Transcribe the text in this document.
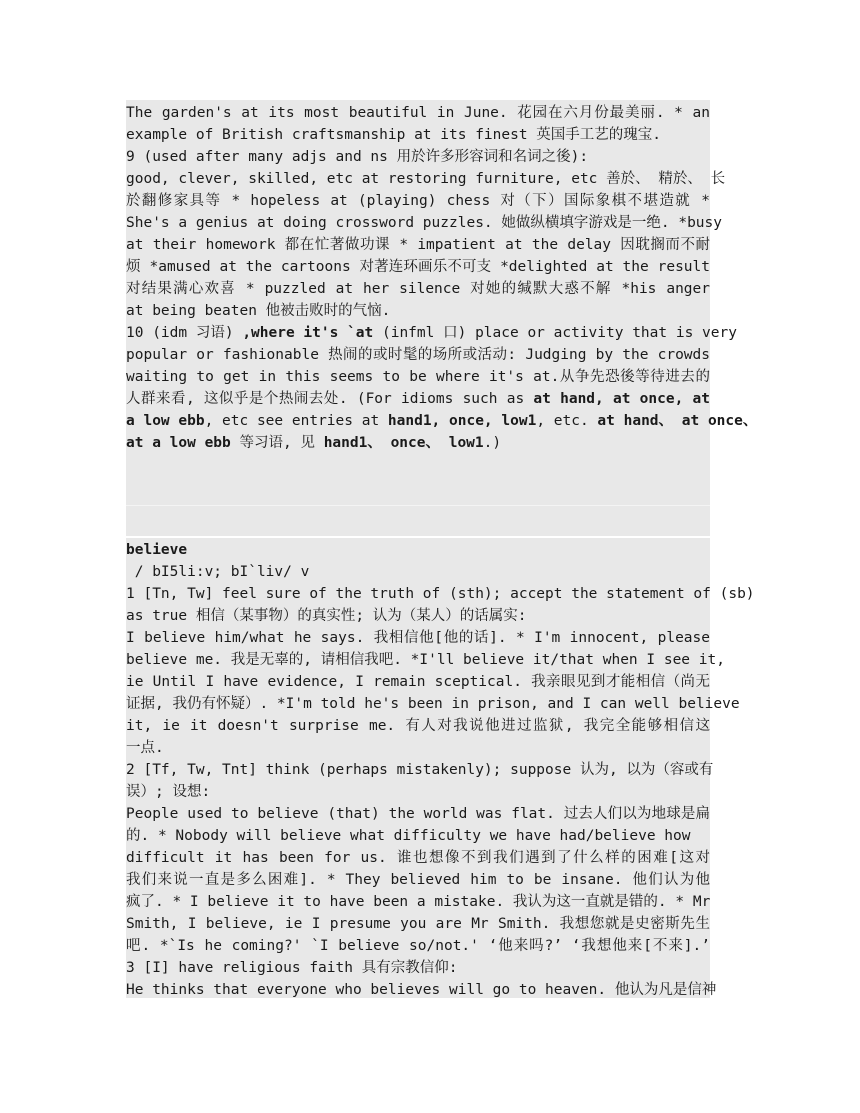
The garden's at its most beautiful in June. 花园在六月份最美丽. * an
example of British craftsmanship at its finest 英国手工艺的瑰宝.
9 (used after many adjs and ns 用於许多形容词和名词之後):
good, clever, skilled, etc at restoring furniture, etc 善於、 精於、 长
於翻修家具等 * hopeless at (playing) chess 对（下）国际象棋不堪造就 *
She's a genius at doing crossword puzzles. 她做纵横填字游戏是一绝. *busy
at their homework 都在忙著做功课 * impatient at the delay 因耽搁而不耐
烦 *amused at the cartoons 对著连环画乐不可支 *delighted at the result
对结果满心欢喜 * puzzled at her silence 对她的缄默大惑不解 *his anger
at being beaten 他被击败时的气恼.
10 (idm 习语) ,where it's `at (infml 口) place or activity that is very
popular or fashionable 热闹的或时髦的场所或活动: Judging by the crowds
waiting to get in this seems to be where it's at.从争先恐後等待进去的
人群来看, 这似乎是个热闹去处. (For idioms such as at hand, at once, at
a low ebb, etc see entries at hand1, once, low1, etc. at hand、 at once、
at a low ebb 等习语, 见 hand1、 once、 low1.)
believe
/ bI5li:v; bI`liv/ v
1 [Tn, Tw] feel sure of the truth of (sth); accept the statement of (sb)
as true 相信（某事物）的真实性; 认为（某人）的话属实:
I believe him/what he says. 我相信他[他的话]. * I'm innocent, please
believe me. 我是无辜的, 请相信我吧. *I'll believe it/that when I see it,
ie Until I have evidence, I remain sceptical. 我亲眼见到才能相信（尚无
证据, 我仍有怀疑）. *I'm told he's been in prison, and I can well believe
it, ie it doesn't surprise me. 有人对我说他进过监狱, 我完全能够相信这
一点.
2 [Tf, Tw, Tnt] think (perhaps mistakenly); suppose 认为, 以为（容或有
误）; 设想:
People used to believe (that) the world was flat. 过去人们以为地球是扁
的. * Nobody will believe what difficulty we have had/believe how
difficult it has been for us. 谁也想像不到我们遇到了什么样的困难[这对
我们来说一直是多么困难]. * They believed him to be insane. 他们认为他
疯了. * I believe it to have been a mistake. 我认为这一直就是错的. * Mr
Smith, I believe, ie I presume you are Mr Smith. 我想您就是史密斯先生
吧. *`Is he coming?' `I believe so/not.' ‘他来吗?’ ‘我想他来[不来].’
3 [I] have religious faith 具有宗教信仰:
He thinks that everyone who believes will go to heaven. 他认为凡是信神
